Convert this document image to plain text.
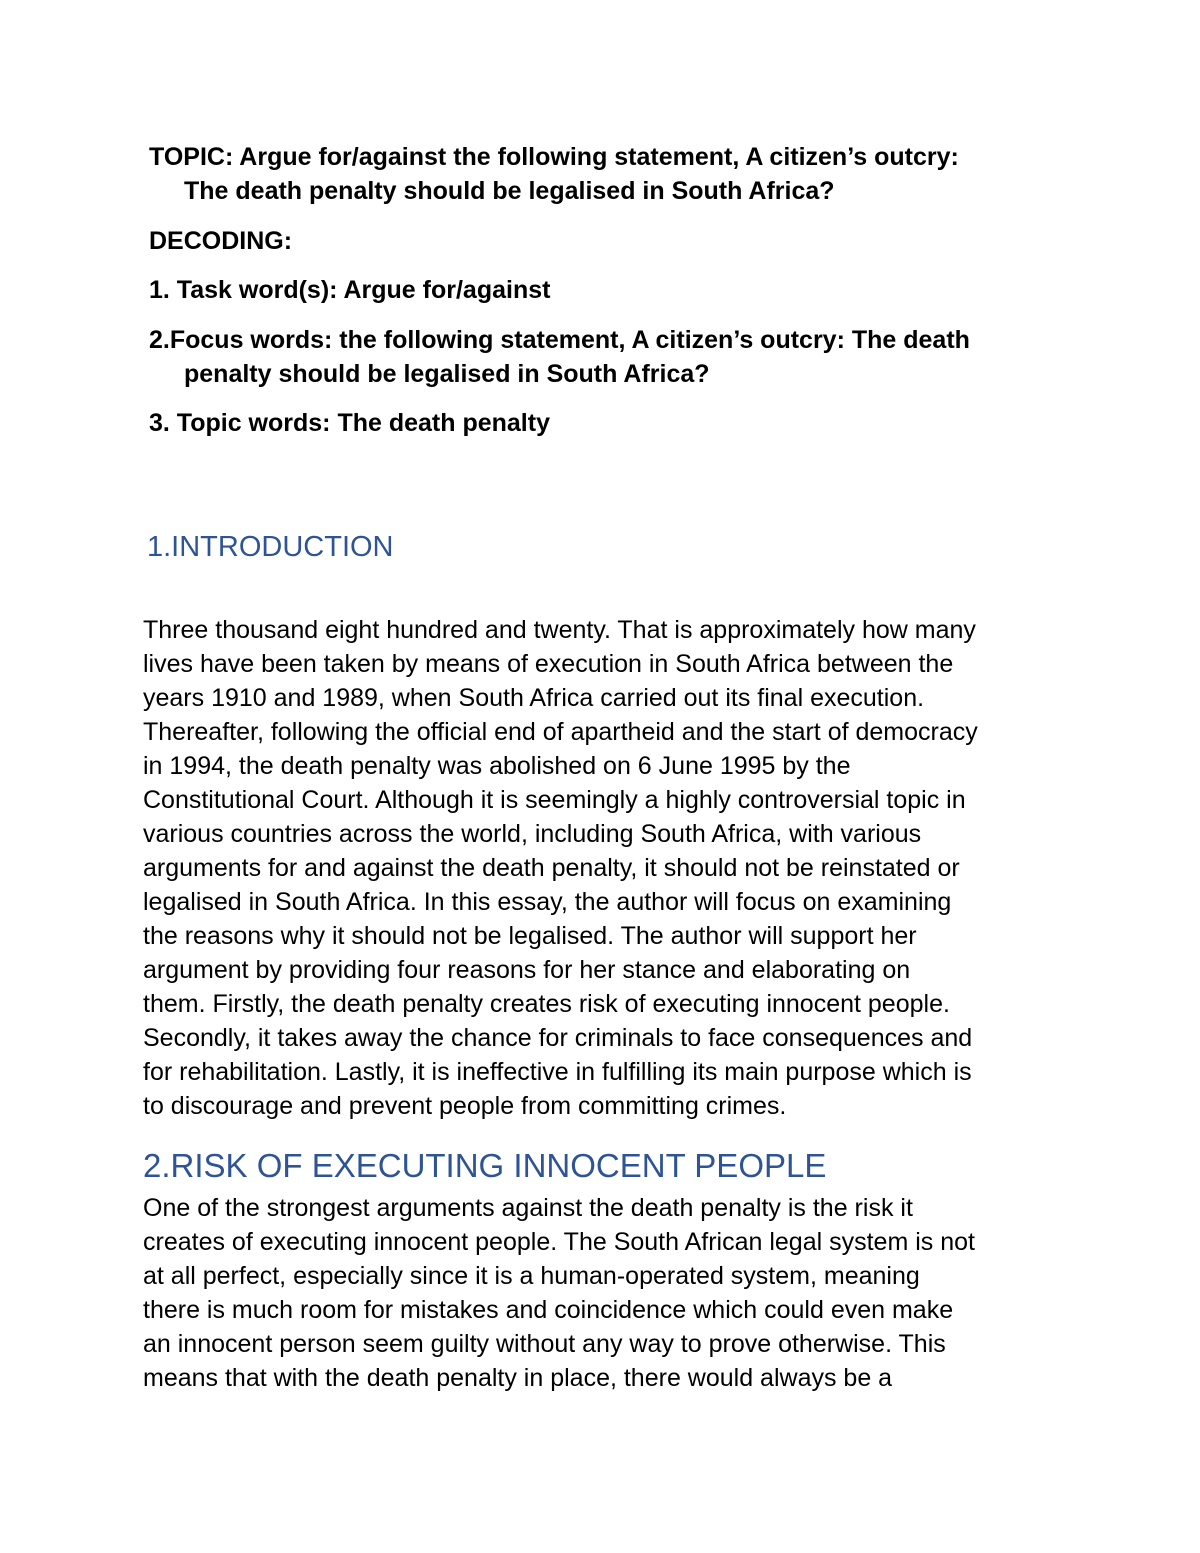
TOPIC: Argue for/against the following statement, A citizen’s outcry:
The death penalty should be legalised in South Africa?
DECODING:
1. Task word(s): Argue for/against
2.Focus words: the following statement, A citizen’s outcry: The death
penalty should be legalised in South Africa?
3. Topic words: The death penalty
1.INTRODUCTION
Three thousand eight hundred and twenty. That is approximately how many
lives have been taken by means of execution in South Africa between the
years 1910 and 1989, when South Africa carried out its final execution.
Thereafter, following the official end of apartheid and the start of democracy
in 1994, the death penalty was abolished on 6 June 1995 by the
Constitutional Court. Although it is seemingly a highly controversial topic in
various countries across the world, including South Africa, with various
arguments for and against the death penalty, it should not be reinstated or
legalised in South Africa. In this essay, the author will focus on examining
the reasons why it should not be legalised. The author will support her
argument by providing four reasons for her stance and elaborating on
them. Firstly, the death penalty creates risk of executing innocent people.
Secondly, it takes away the chance for criminals to face consequences and
for rehabilitation. Lastly, it is ineffective in fulfilling its main purpose which is
to discourage and prevent people from committing crimes.
2.RISK OF EXECUTING INNOCENT PEOPLE
One of the strongest arguments against the death penalty is the risk it
creates of executing innocent people. The South African legal system is not
at all perfect, especially since it is a human-operated system, meaning
there is much room for mistakes and coincidence which could even make
an innocent person seem guilty without any way to prove otherwise. This
means that with the death penalty in place, there would always be a
